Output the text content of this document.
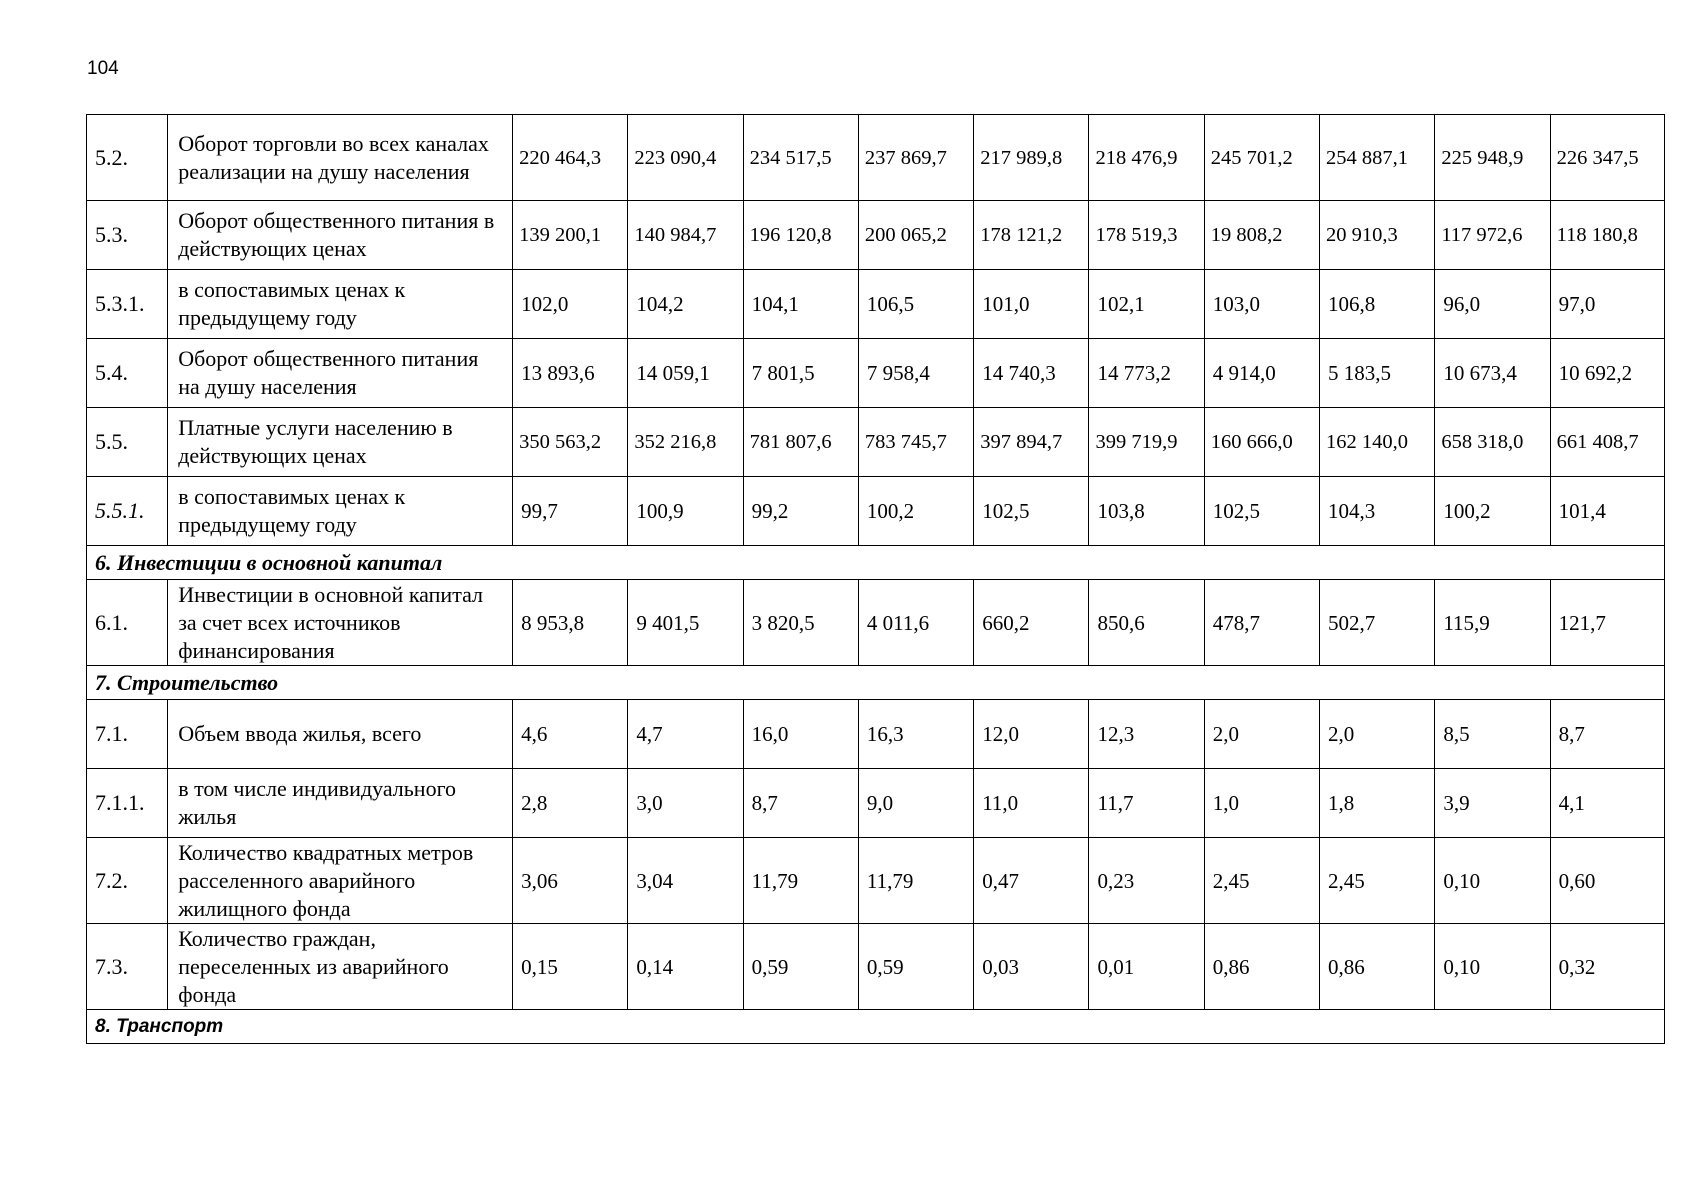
104
5.2.	Оборот торговли во всех каналах реализации на душу населения	220 464,3	223 090,4	234 517,5	237 869,7	217 989,8	218 476,9	245 701,2	254 887,1	225 948,9	226 347,5
5.3.	Оборот общественного питания в действующих ценах	139 200,1	140 984,7	196 120,8	200 065,2	178 121,2	178 519,3	19 808,2	20 910,3	117 972,6	118 180,8
5.3.1.	в сопоставимых ценах к предыдущему году	102,0	104,2	104,1	106,5	101,0	102,1	103,0	106,8	96,0	97,0
5.4.	Оборот общественного питания на душу населения	13 893,6	14 059,1	7 801,5	7 958,4	14 740,3	14 773,2	4 914,0	5 183,5	10 673,4	10 692,2
5.5.	Платные услуги населению в действующих ценах	350 563,2	352 216,8	781 807,6	783 745,7	397 894,7	399 719,9	160 666,0	162 140,0	658 318,0	661 408,7
5.5.1.	в сопоставимых ценах к предыдущему году	99,7	100,9	99,2	100,2	102,5	103,8	102,5	104,3	100,2	101,4
6. Инвестиции в основной капитал											
6.1.	Инвестиции в основной капитал за счет всех источников финансирования	8 953,8	9 401,5	3 820,5	4 011,6	660,2	850,6	478,7	502,7	115,9	121,7
7. Строительство											
7.1.	Объем ввода жилья, всего	4,6	4,7	16,0	16,3	12,0	12,3	2,0	2,0	8,5	8,7
7.1.1.	в том числе индивидуального жилья	2,8	3,0	8,7	9,0	11,0	11,7	1,0	1,8	3,9	4,1
7.2.	Количество квадратных метров расселенного аварийного жилищного фонда	3,06	3,04	11,79	11,79	0,47	0,23	2,45	2,45	0,10	0,60
7.3.	Количество граждан, переселенных из аварийного фонда	0,15	0,14	0,59	0,59	0,03	0,01	0,86	0,86	0,10	0,32
8. Транспорт											
